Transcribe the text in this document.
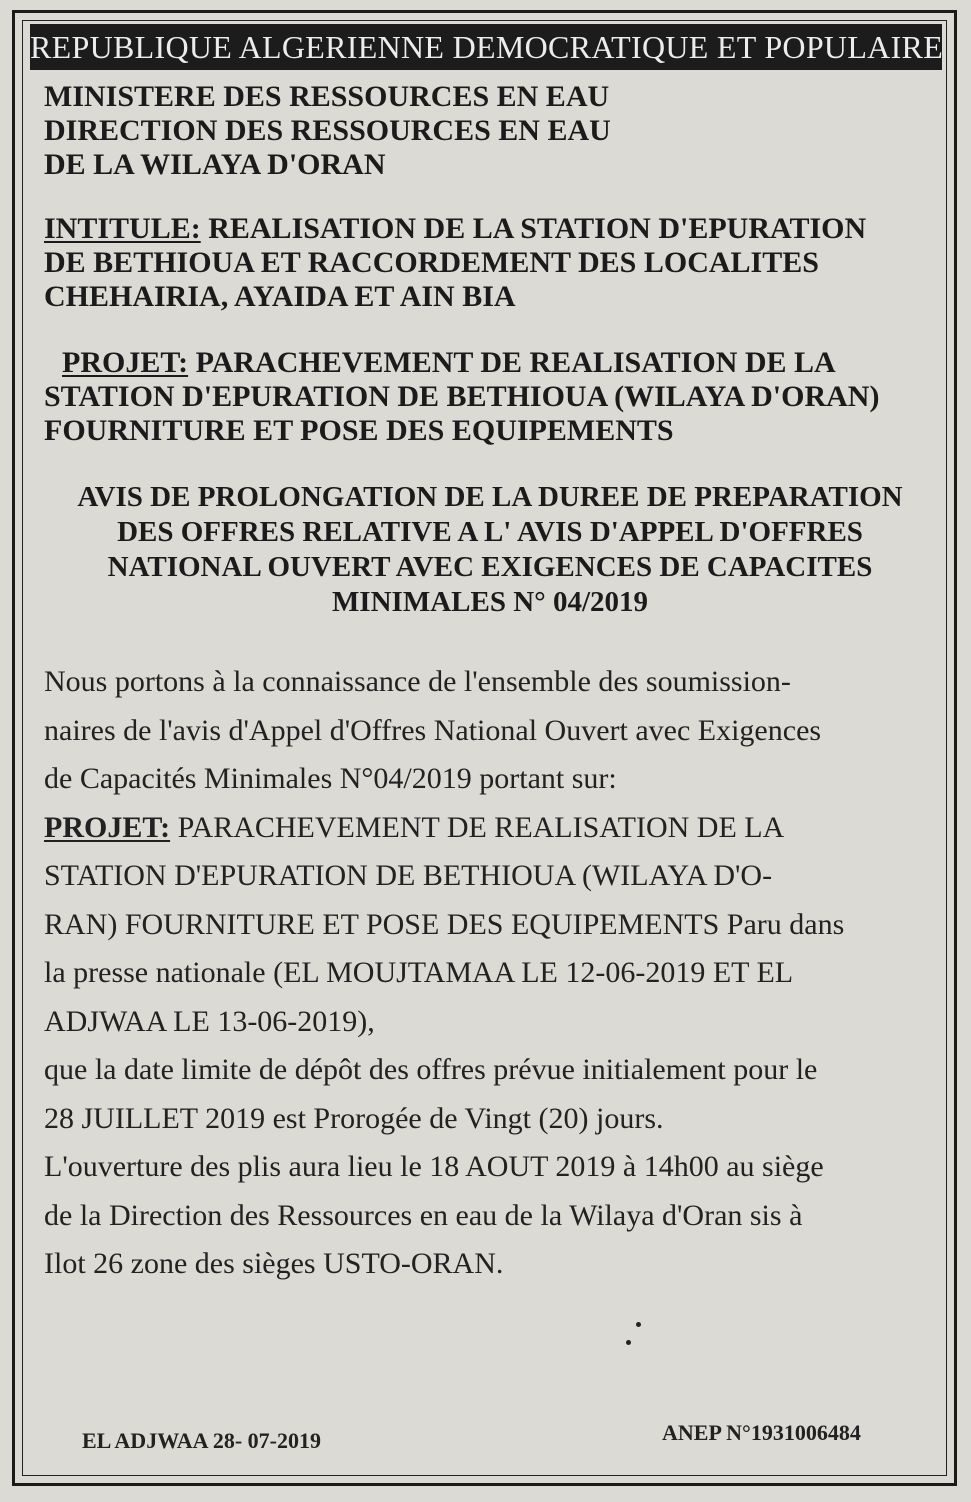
REPUBLIQUE ALGERIENNE DEMOCRATIQUE ET POPULAIRE

MINISTERE DES RESSOURCES EN EAU

DIRECTION DES RESSOURCES EN EAU

DE LA WILAYA D'ORAN

INTITULE: REALISATION DE LA STATION D'EPURATION

DE BETHIOUA ET RACCORDEMENT DES LOCALITES

CHEHAIRIA, AYAIDA ET AIN BIA

PROJET: PARACHEVEMENT DE REALISATION DE LA

STATION D'EPURATION DE BETHIOUA (WILAYA D'ORAN)

FOURNITURE ET POSE DES EQUIPEMENTS

AVIS DE PROLONGATION DE LA DUREE DE PREPARATION

DES OFFRES RELATIVE A L' AVIS D'APPEL D'OFFRES

NATIONAL OUVERT AVEC EXIGENCES DE CAPACITES

MINIMALES N° 04/2019

Nous portons à la connaissance de l'ensemble des soumission-

naires de l'avis d'Appel d'Offres National Ouvert avec Exigences

de Capacités Minimales N°04/2019 portant sur:

PROJET: PARACHEVEMENT DE REALISATION DE LA

STATION D'EPURATION DE BETHIOUA (WILAYA D'O-

RAN) FOURNITURE ET POSE DES EQUIPEMENTS Paru dans

la presse nationale (EL MOUJTAMAA LE 12-06-2019 ET EL

ADJWAA LE 13-06-2019),

que la date limite de dépôt des offres prévue initialement pour le

28 JUILLET 2019 est Prorogée de Vingt (20) jours.

L'ouverture des plis aura lieu le 18 AOUT 2019 à 14h00 au siège

de la Direction des Ressources en eau de la Wilaya d'Oran sis à

Ilot 26 zone des sièges USTO-ORAN.

EL ADJWAA 28- 07-2019	ANEP N°1931006484
